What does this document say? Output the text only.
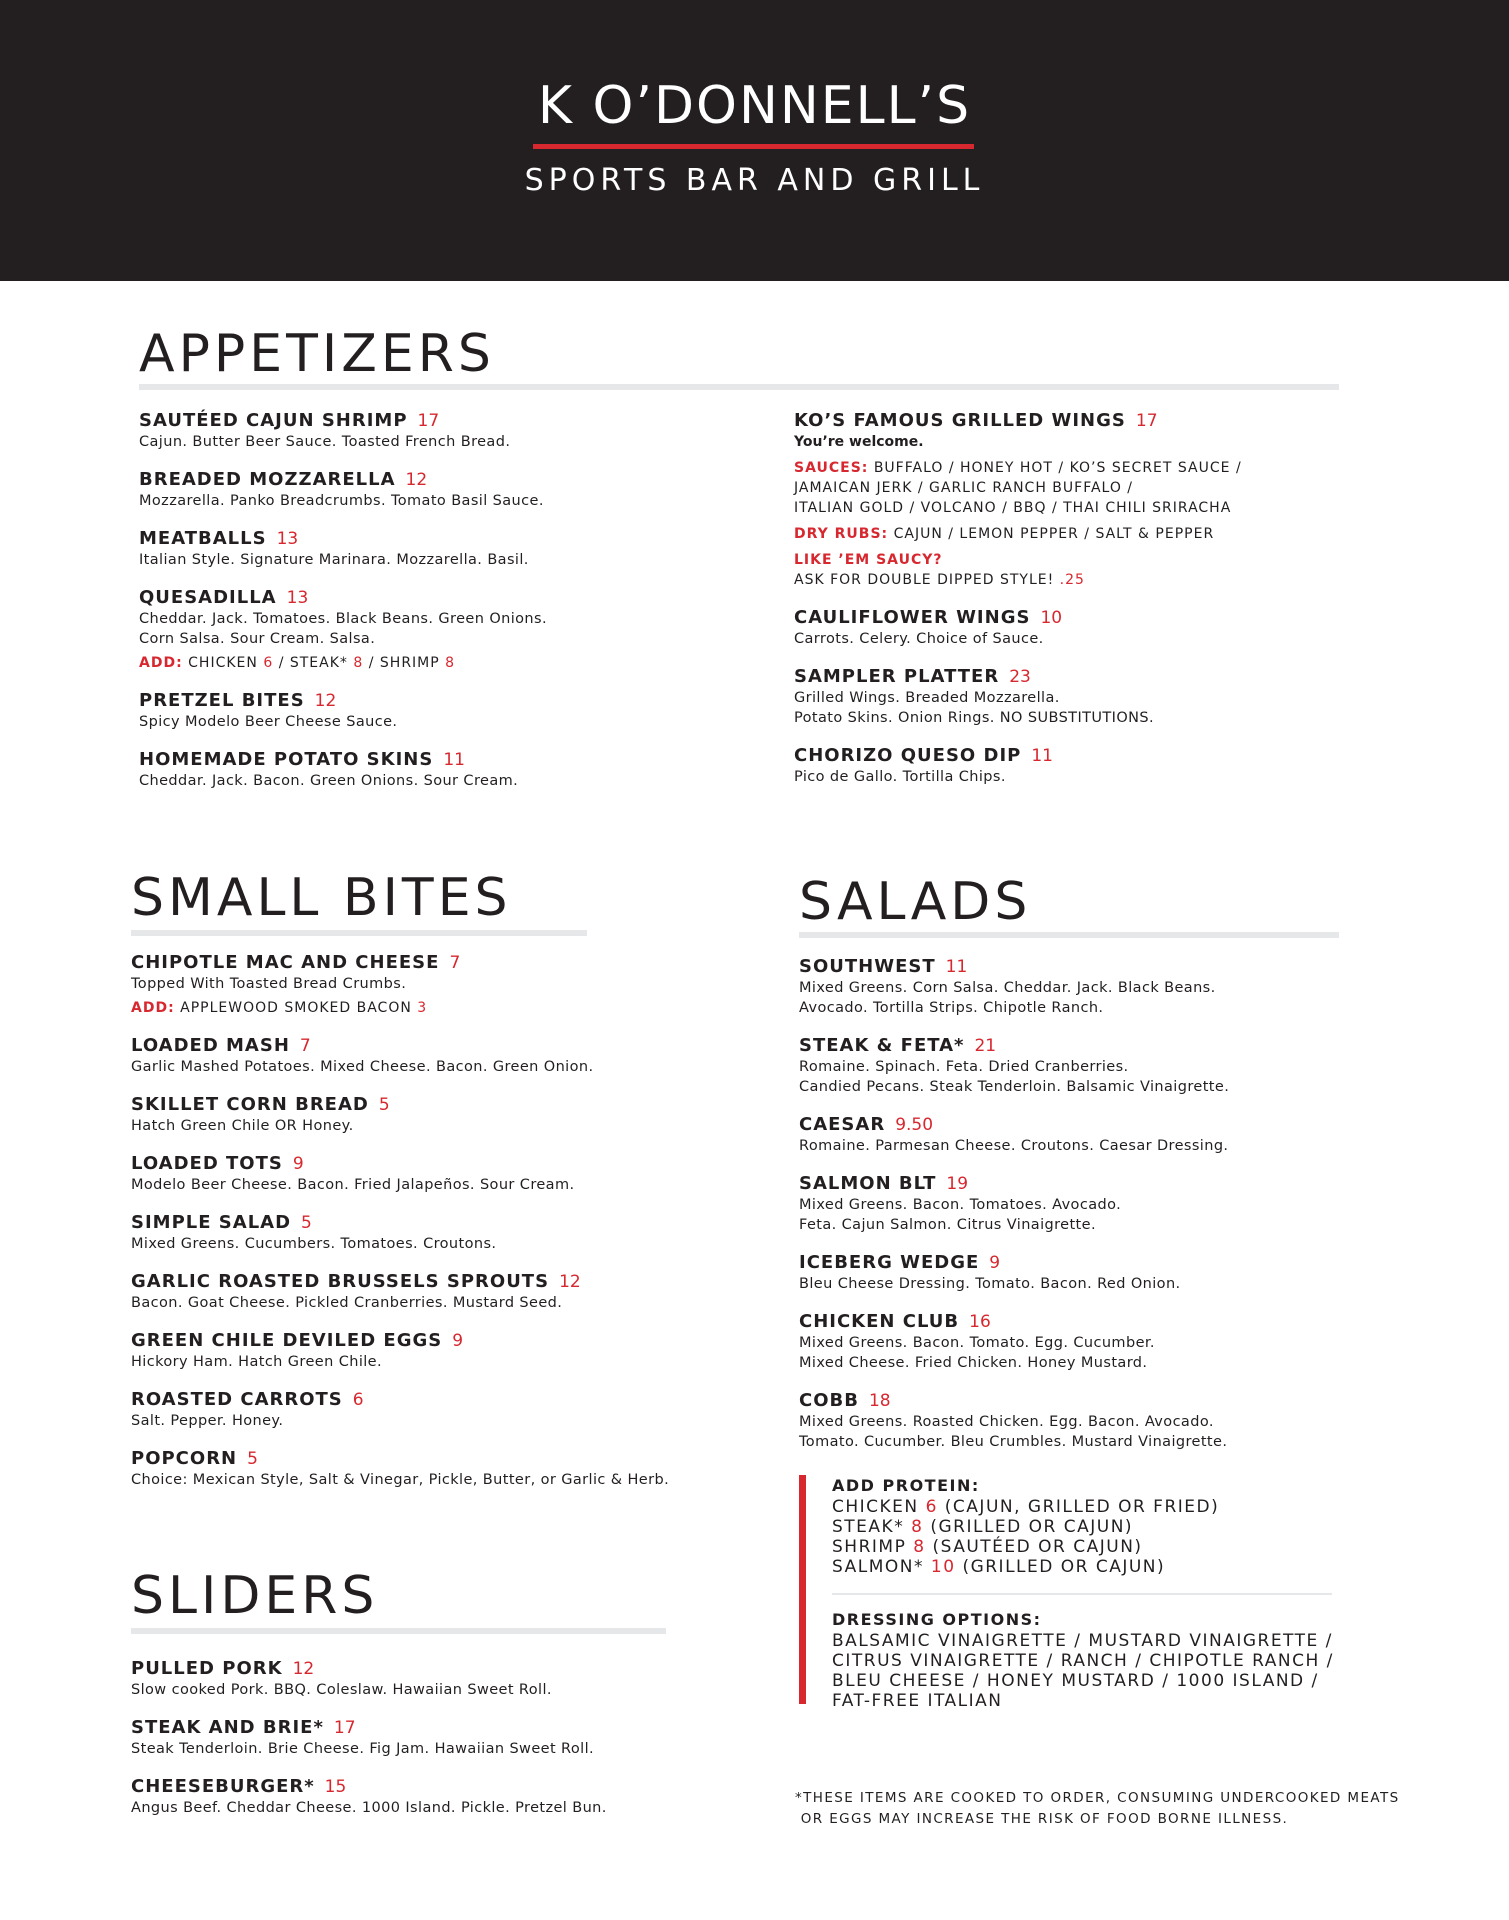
K O’DONNELL’S
SPORTS BAR AND GRILL
APPETIZERS
SAUTÉED CAJUN SHRIMP 17
Cajun. Butter Beer Sauce. Toasted French Bread.
BREADED MOZZARELLA 12
Mozzarella. Panko Breadcrumbs. Tomato Basil Sauce.
MEATBALLS 13
Italian Style. Signature Marinara. Mozzarella. Basil.
QUESADILLA 13
Cheddar. Jack. Tomatoes. Black Beans. Green Onions.
Corn Salsa. Sour Cream. Salsa.
ADD: CHICKEN 6 / STEAK* 8 / SHRIMP 8
PRETZEL BITES 12
Spicy Modelo Beer Cheese Sauce.
HOMEMADE POTATO SKINS 11
Cheddar. Jack. Bacon. Green Onions. Sour Cream.
KO’S FAMOUS GRILLED WINGS 17
You’re welcome.
SAUCES: BUFFALO / HONEY HOT / KO’S SECRET SAUCE /
JAMAICAN JERK / GARLIC RANCH BUFFALO /
ITALIAN GOLD / VOLCANO / BBQ / THAI CHILI SRIRACHA
DRY RUBS: CAJUN / LEMON PEPPER / SALT & PEPPER
LIKE ’EM SAUCY?
ASK FOR DOUBLE DIPPED STYLE! .25
CAULIFLOWER WINGS 10
Carrots. Celery. Choice of Sauce.
SAMPLER PLATTER 23
Grilled Wings. Breaded Mozzarella.
Potato Skins. Onion Rings. NO SUBSTITUTIONS.
CHORIZO QUESO DIP 11
Pico de Gallo. Tortilla Chips.
SMALL BITES
CHIPOTLE MAC AND CHEESE 7
Topped With Toasted Bread Crumbs.
ADD: APPLEWOOD SMOKED BACON 3
LOADED MASH 7
Garlic Mashed Potatoes. Mixed Cheese. Bacon. Green Onion.
SKILLET CORN BREAD 5
Hatch Green Chile OR Honey.
LOADED TOTS 9
Modelo Beer Cheese. Bacon. Fried Jalapeños. Sour Cream.
SIMPLE SALAD 5
Mixed Greens. Cucumbers. Tomatoes. Croutons.
GARLIC ROASTED BRUSSELS SPROUTS 12
Bacon. Goat Cheese. Pickled Cranberries. Mustard Seed.
GREEN CHILE DEVILED EGGS 9
Hickory Ham. Hatch Green Chile.
ROASTED CARROTS 6
Salt. Pepper. Honey.
POPCORN 5
Choice: Mexican Style, Salt & Vinegar, Pickle, Butter, or Garlic & Herb.
SLIDERS
PULLED PORK 12
Slow cooked Pork. BBQ. Coleslaw. Hawaiian Sweet Roll.
STEAK AND BRIE* 17
Steak Tenderloin. Brie Cheese. Fig Jam. Hawaiian Sweet Roll.
CHEESEBURGER* 15
Angus Beef. Cheddar Cheese. 1000 Island. Pickle. Pretzel Bun.
SALADS
SOUTHWEST 11
Mixed Greens. Corn Salsa. Cheddar. Jack. Black Beans.
Avocado. Tortilla Strips. Chipotle Ranch.
STEAK & FETA* 21
Romaine. Spinach. Feta. Dried Cranberries.
Candied Pecans. Steak Tenderloin. Balsamic Vinaigrette.
CAESAR 9.50
Romaine. Parmesan Cheese. Croutons. Caesar Dressing.
SALMON BLT 19
Mixed Greens. Bacon. Tomatoes. Avocado.
Feta. Cajun Salmon. Citrus Vinaigrette.
ICEBERG WEDGE 9
Bleu Cheese Dressing. Tomato. Bacon. Red Onion.
CHICKEN CLUB 16
Mixed Greens. Bacon. Tomato. Egg. Cucumber.
Mixed Cheese. Fried Chicken. Honey Mustard.
COBB 18
Mixed Greens. Roasted Chicken. Egg. Bacon. Avocado.
Tomato. Cucumber. Bleu Crumbles. Mustard Vinaigrette.
ADD PROTEIN:
CHICKEN 6 (CAJUN, GRILLED OR FRIED)
STEAK* 8 (GRILLED OR CAJUN)
SHRIMP 8 (SAUTÉED OR CAJUN)
SALMON* 10 (GRILLED OR CAJUN)
DRESSING OPTIONS:
BALSAMIC VINAIGRETTE / MUSTARD VINAIGRETTE /
CITRUS VINAIGRETTE / RANCH / CHIPOTLE RANCH /
BLEU CHEESE / HONEY MUSTARD / 1000 ISLAND /
FAT-FREE ITALIAN
*THESE ITEMS ARE COOKED TO ORDER, CONSUMING UNDERCOOKED MEATS
OR EGGS MAY INCREASE THE RISK OF FOOD BORNE ILLNESS.
